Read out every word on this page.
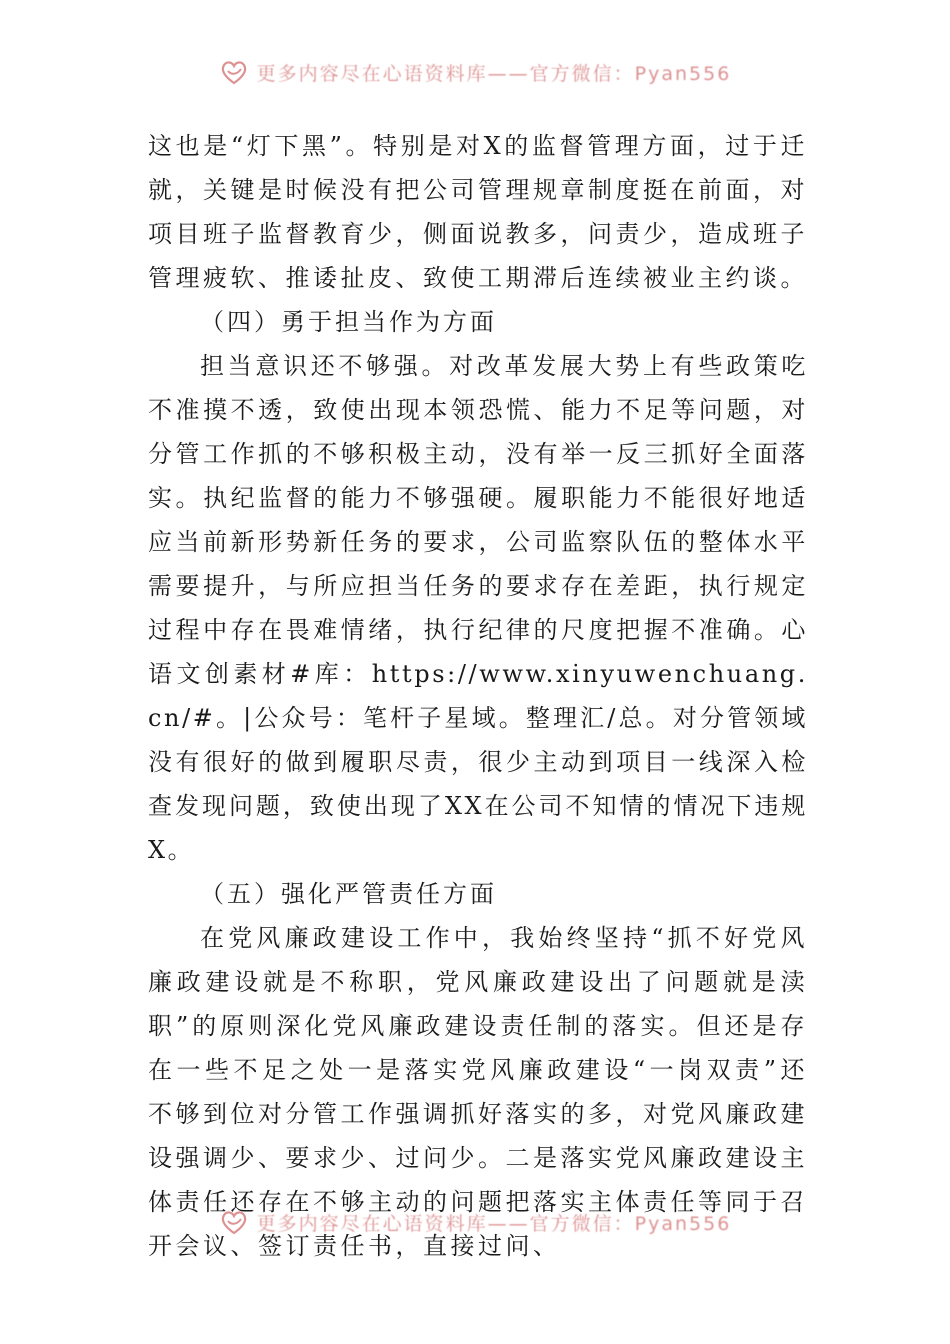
更多内容尽在心语资料库——官方微信：Pyan556

这也是“灯下黑”。特别是对X的监督管理方面，过于迁就，关键是时候没有把公司管理规章制度挺在前面，对项目班子监督教育少，侧面说教多，问责少，造成班子管理疲软、推诿扯皮、致使工期滞后连续被业主约谈。

（四）勇于担当作为方面

担当意识还不够强。对改革发展大势上有些政策吃不准摸不透，致使出现本领恐慌、能力不足等问题，对分管工作抓的不够积极主动，没有举一反三抓好全面落实。执纪监督的能力不够强硬。履职能力不能很好地适应当前新形势新任务的要求，公司监察队伍的整体水平需要提升，与所应担当任务的要求存在差距，执行规定过程中存在畏难情绪，执行纪律的尺度把握不准确。心语文创素材#库：https://www.xinyuwenchuang.cn/#。|公众号：笔杆子星域。整理汇/总。对分管领域没有很好的做到履职尽责，很少主动到项目一线深入检查发现问题，致使出现了XX在公司不知情的情况下违规X。

（五）强化严管责任方面

在党风廉政建设工作中，我始终坚持“抓不好党风廉政建设就是不称职，党风廉政建设出了问题就是渎职”的原则深化党风廉政建设责任制的落实。但还是存在一些不足之处一是落实党风廉政建设“一岗双责”还不够到位对分管工作强调抓好落实的多，对党风廉政建设强调少、要求少、过问少。二是落实党风廉政建设主体责任还存在不够主动的问题把落实主体责任等同于召开会议、签订责任书，直接过问、

更多内容尽在心语资料库——官方微信：Pyan556
